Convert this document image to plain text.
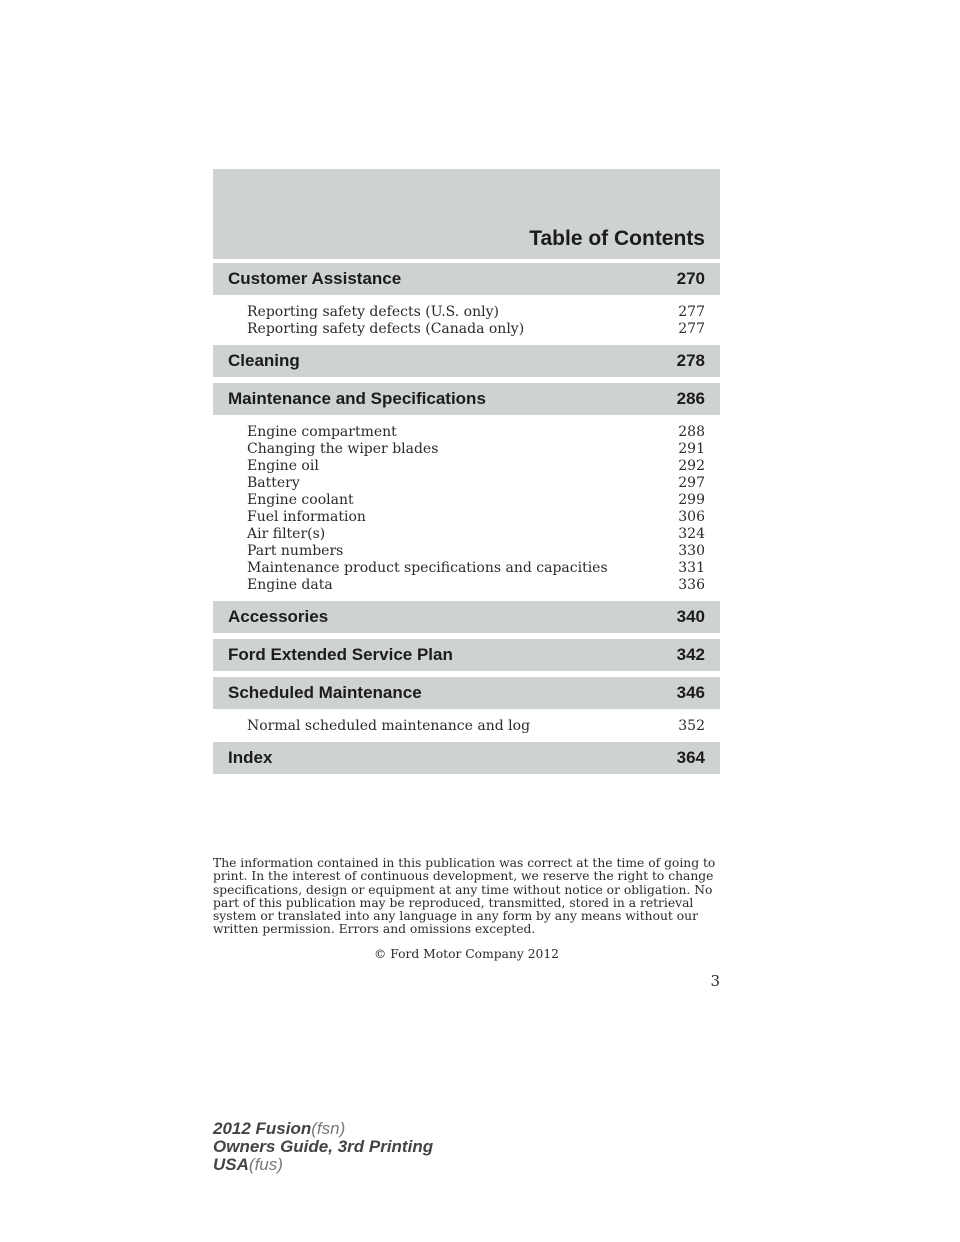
Table of Contents
Customer Assistance	270
Reporting safety defects (U.S. only)	277
Reporting safety defects (Canada only)	277
Cleaning	278
Maintenance and Specifications	286
Engine compartment	288
Changing the wiper blades	291
Engine oil	292
Battery	297
Engine coolant	299
Fuel information	306
Air filter(s)	324
Part numbers	330
Maintenance product specifications and capacities	331
Engine data	336
Accessories	340
Ford Extended Service Plan	342
Scheduled Maintenance	346
Normal scheduled maintenance and log	352
Index	364
The information contained in this publication was correct at the time of going to
print. In the interest of continuous development, we reserve the right to change
specifications, design or equipment at any time without notice or obligation. No
part of this publication may be reproduced, transmitted, stored in a retrieval
system or translated into any language in any form by any means without our
written permission. Errors and omissions excepted.
© Ford Motor Company 2012
3
2012 Fusion(fsn)
Owners Guide, 3rd Printing
USA(fus)
